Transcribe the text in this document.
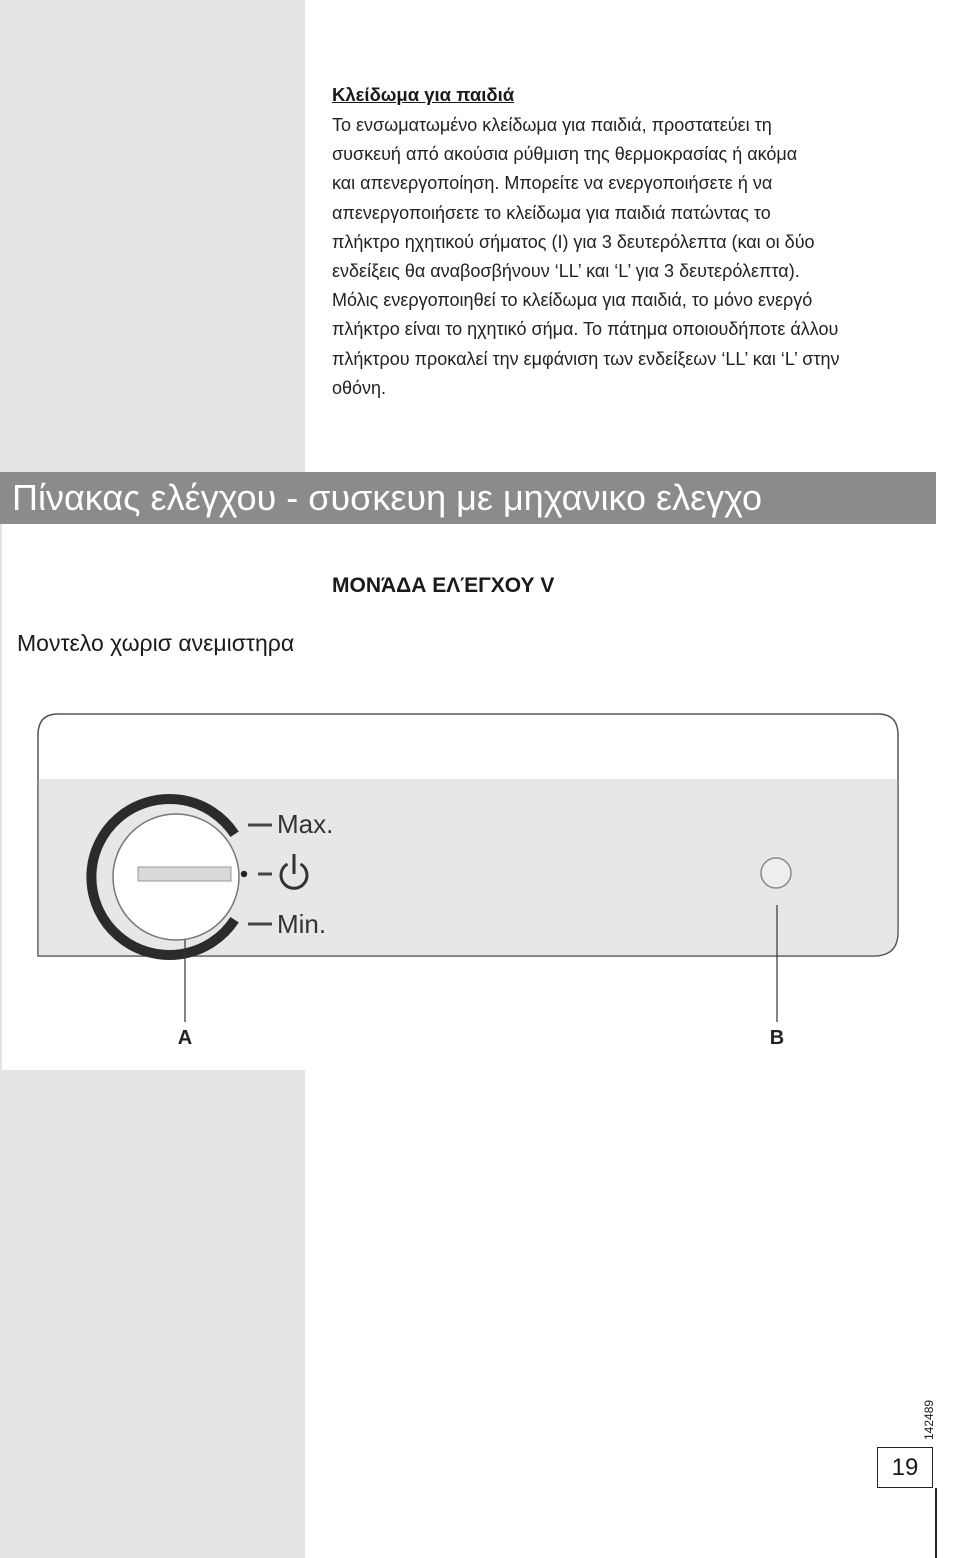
Κλείδωμα για παιδιά
Το ενσωματωμένο κλείδωμα για παιδιά, προστατεύει τη
συσκευή από ακούσια ρύθμιση της θερμοκρασίας ή ακόμα
και απενεργοποίηση. Μπορείτε να ενεργοποιήσετε ή να
απενεργοποιήσετε το κλείδωμα για παιδιά πατώντας το
πλήκτρο ηχητικού σήματος (I) για 3 δευτερόλεπτα (και οι δύο
ενδείξεις θα αναβοσβήνουν ‘LL’ και ‘L’ για 3 δευτερόλεπτα).
Μόλις ενεργοποιηθεί το κλείδωμα για παιδιά, το μόνο ενεργό
πλήκτρο είναι το ηχητικό σήμα. Το πάτημα οποιουδήποτε άλλου
πλήκτρου προκαλεί την εμφάνιση των ενδείξεων ‘LL’ και ‘L’ στην
οθόνη.
Πίνακας ελέγχου - συσκευη με μηχανικο ελεγχο
ΜΟΝΆΔΑ ΕΛΈΓΧΟΥ V
Μοντελο χωρισ ανεμιστηρα
Max.
Min.
A	B
142489
19
